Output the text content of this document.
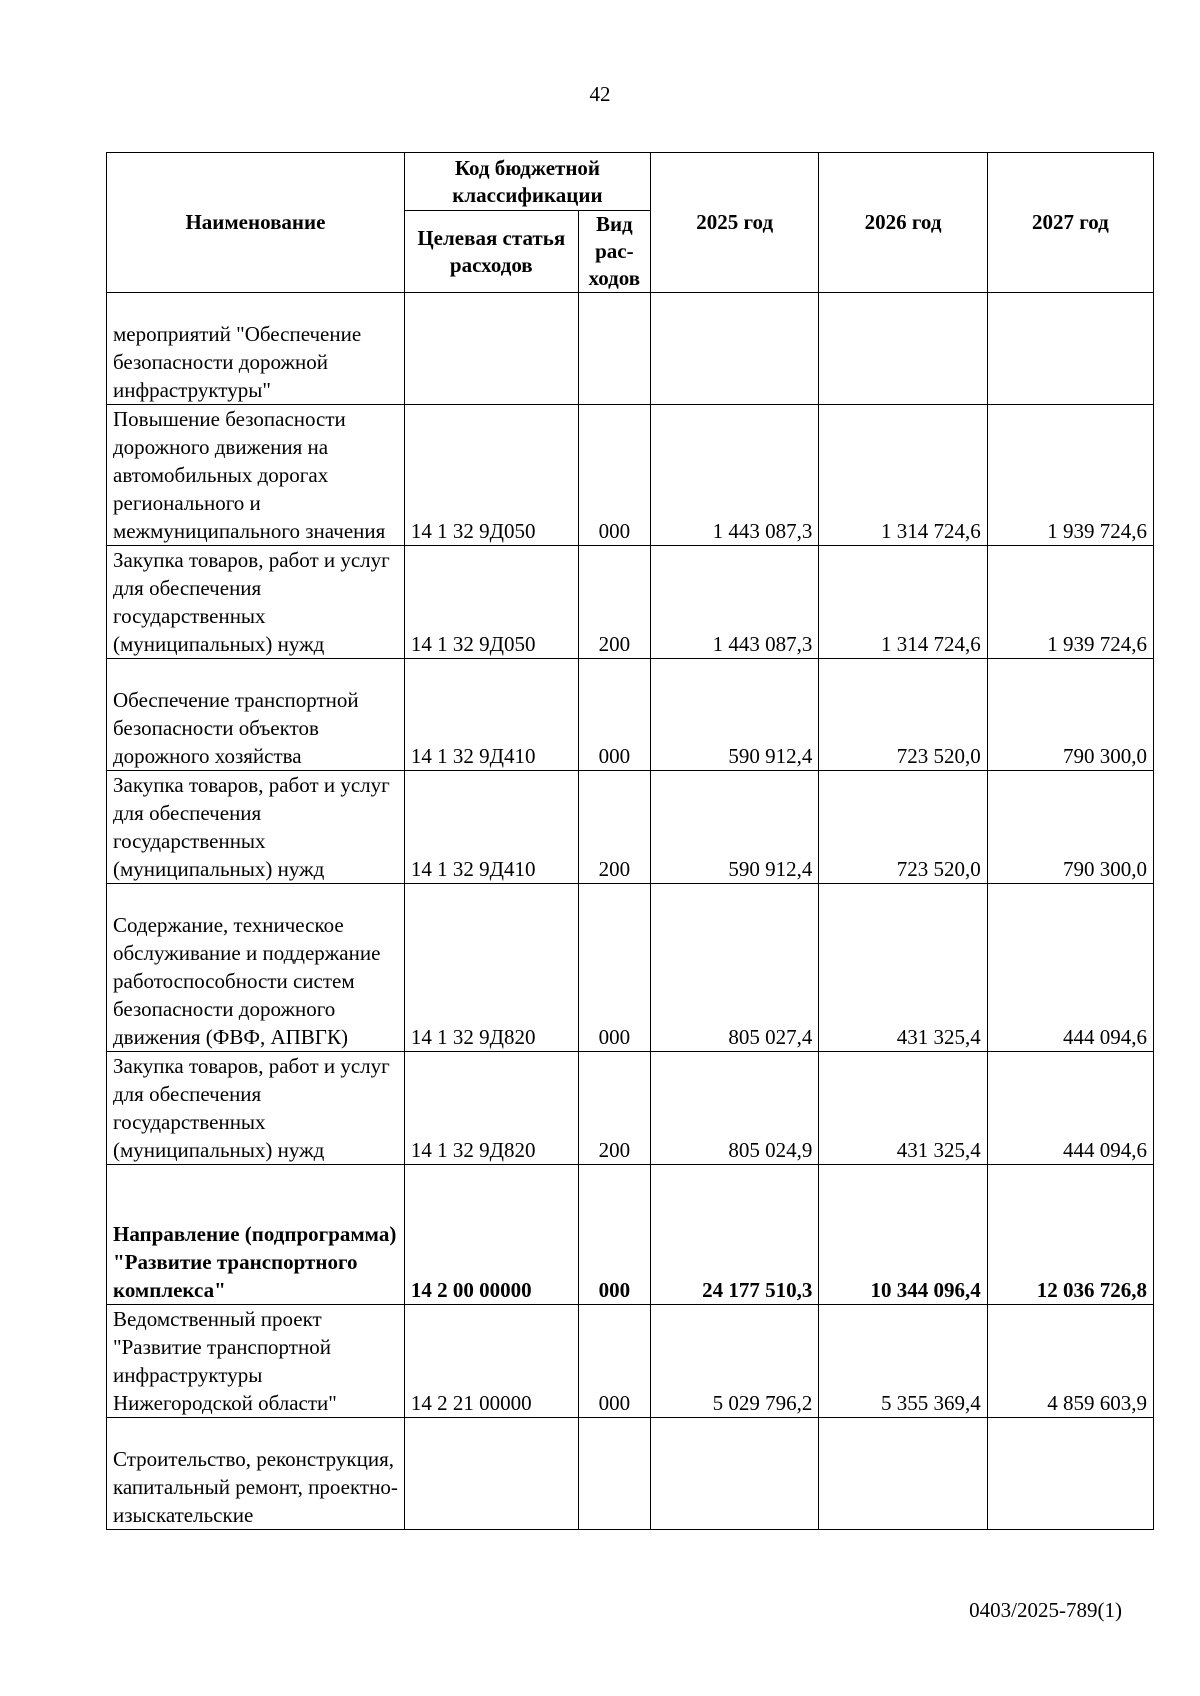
42
Наименование	Код бюджетной классификации		2025 год	2026 год	2027 год
	Целевая статья расходов	Вид рас-ходов			
мероприятий "Обеспечение безопасности дорожной инфраструктуры"					
Повышение безопасности дорожного движения на автомобильных дорогах регионального и межмуниципального значения	14 1 32 9Д050	000	1 443 087,3	1 314 724,6	1 939 724,6
Закупка товаров, работ и услуг для обеспечения государственных (муниципальных) нужд	14 1 32 9Д050	200	1 443 087,3	1 314 724,6	1 939 724,6
Обеспечение транспортной безопасности объектов дорожного хозяйства	14 1 32 9Д410	000	590 912,4	723 520,0	790 300,0
Закупка товаров, работ и услуг для обеспечения государственных (муниципальных) нужд	14 1 32 9Д410	200	590 912,4	723 520,0	790 300,0
Содержание, техническое обслуживание и поддержание работоспособности систем безопасности дорожного движения (ФВФ, АПВГК)	14 1 32 9Д820	000	805 027,4	431 325,4	444 094,6
Закупка товаров, работ и услуг для обеспечения государственных (муниципальных) нужд	14 1 32 9Д820	200	805 024,9	431 325,4	444 094,6
Направление (подпрограмма) "Развитие транспортного комплекса"	14 2 00 00000	000	24 177 510,3	10 344 096,4	12 036 726,8
Ведомственный проект "Развитие транспортной инфраструктуры Нижегородской области"	14 2 21 00000	000	5 029 796,2	5 355 369,4	4 859 603,9
Строительство, реконструкция, капитальный ремонт, проектно-изыскательские					
0403/2025-789(1)
